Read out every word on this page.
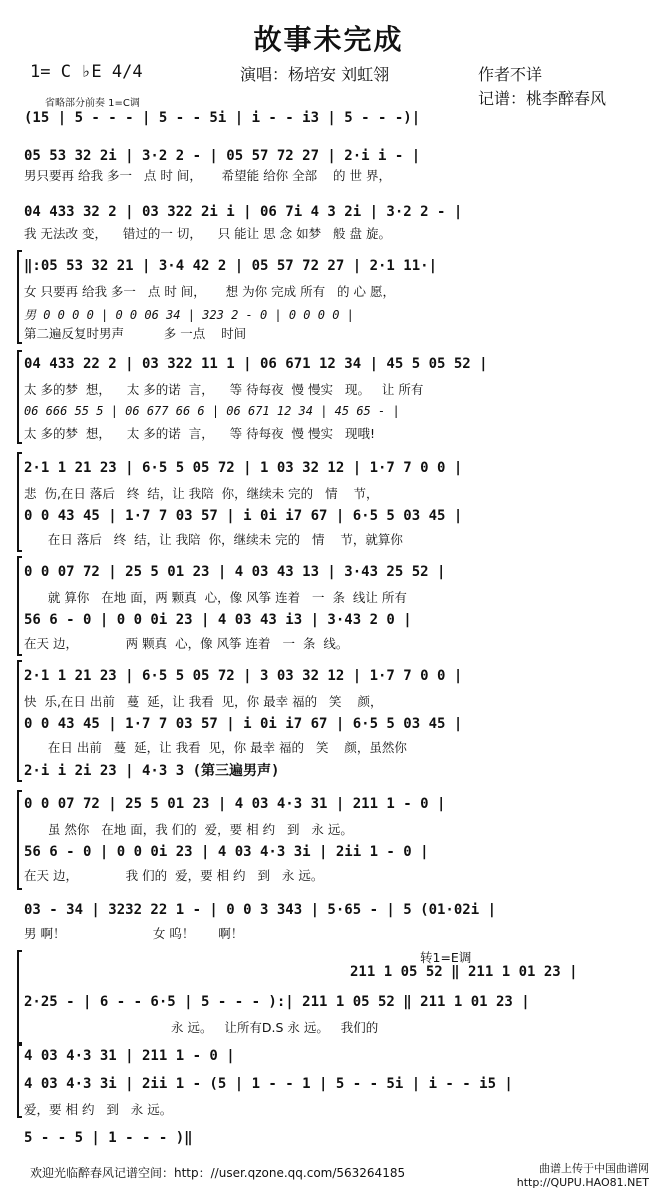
故事未完成
1= C ♭E 4/4	演唱：杨培安 刘虹翎	作者不详
记谱：桃李醉春风
省略部分前奏 1=C调
(15 | 5 - - - | 5 - - 5i | i - - i3 | 5 - - -)|
05 53 32 2i | 3·2 2 - | 05 57 72 27 | 2·i i - |
男只要再 给我 多一   点 时 间，     希望能 给你 全部    的 世 界，
04 433 32 2 | 03 322 2i i | 06 7i 4 3 2i | 3·2 2 - |
我 无法改 变，    错过的一 切，    只 能让 思 念 如梦   般 盘 旋。
‖:05 53 32 21 | 3·4 42 2 | 05 57 72 27 | 2·1 11·|
女 只要再 给我 多一   点 时 间，     想 为你 完成 所有   的 心 愿，
男 0 0 0 0 | 0 0 06 34 | 323 2 - 0 | 0 0 0 0 |
第二遍反复时男声          多 一点    时间
04 433 22 2 | 03 322 11 1 | 06 671 12 34 | 45 5 05 52 |
太 多的梦  想，    太 多的诺  言，    等 待每夜  慢 慢实   现。   让 所有
06 666 55 5 | 06 677 66 6 | 06 671 12 34 | 45 65 - |
太 多的梦  想，    太 多的诺  言，    等 待每夜  慢 慢实   现哦!
2·1 1 21 23 | 6·5 5 05 72 | 1 03 32 12 | 1·7 7 0 0 |
悲  伤,在日 落后   终  结，让 我陪  你，继续未 完的   情    节，
0 0 43 45 | 1·7 7 03 57 | i 0i i7 67 | 6·5 5 03 45 |
在日 落后   终  结，让 我陪  你，继续未 完的   情    节，就算你
0 0 07 72 | 25 5 01 23 | 4 03 43 13 | 3·43 25 52 |
就 算你   在地 面，两 颗真  心，像 风筝 连着   一  条  线让 所有
56 6 - 0 | 0 0 0i 23 | 4 03 43 i3 | 3·43 2 0 |
在天 边，            两 颗真  心，像 风筝 连着   一  条  线。
2·1 1 21 23 | 6·5 5 05 72 | 3 03 32 12 | 1·7 7 0 0 |
快  乐,在日 出前   蔓  延，让 我看  见，你 最幸 福的   笑    颜，
0 0 43 45 | 1·7 7 03 57 | i 0i i7 67 | 6·5 5 03 45 |
在日 出前   蔓  延，让 我看  见，你 最幸 福的   笑    颜，虽然你
2·i i 2i 23 | 4·3 3 (第三遍男声)
0 0 07 72 | 25 5 01 23 | 4 03 4·3 31 | 211 1 - 0 |
虽 然你   在地 面，我 们的  爱，要 相 约   到   永 远。
56 6 - 0 | 0 0 0i 23 | 4 03 4·3 3i | 2ii 1 - 0 |
在天 边，            我 们的  爱，要 相 约   到   永 远。
03 - 34 | 3232 22 1 - | 0 0 3 343 | 5·65 - | 5 (01·02i |
男 啊！                      女 呜！      啊！
211 1 05 52 ‖ 211 1 01 23 |
转1=E调
2·25 - | 6 - - 6·5 | 5 - - - ):| 211 1 05 52 ‖ 211 1 01 23 |
永 远。   让所有D.S 永 远。   我们的
4 03 4·3 31 | 211 1 - 0 |
4 03 4·3 3i | 2ii 1 - (5 | 1 - - 1 | 5 - - 5i | i - - i5 |
爱，要 相 约   到   永 远。
5 - - 5 | 1 - - - )‖
欢迎光临醉春风记谱空间：http：//user.qzone.qq.com/563264185	曲谱上传于中国曲谱网
http://QUPU.HAO81.NET
